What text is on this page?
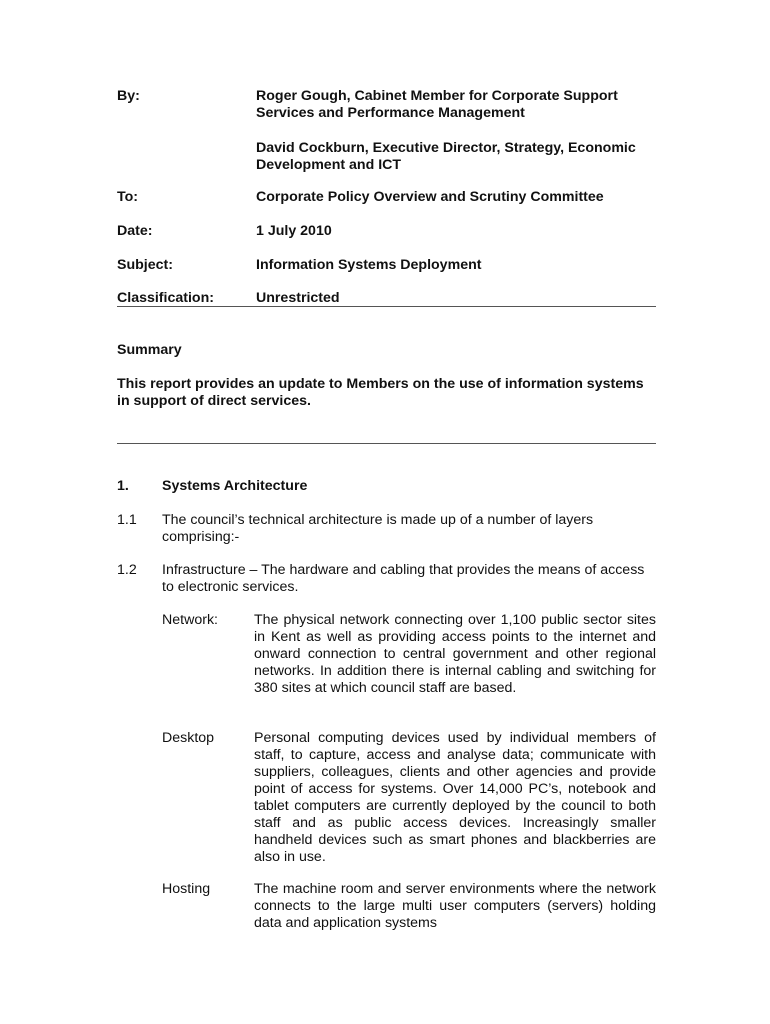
By:	Roger Gough, Cabinet Member for Corporate Support Services and Performance Management
David Cockburn, Executive Director, Strategy, Economic Development and ICT
To:	Corporate Policy Overview and Scrutiny Committee
Date:	1 July 2010
Subject:	Information Systems Deployment
Classification:	Unrestricted
Summary
This report provides an update to Members on the use of information systems in support of direct services.
1. Systems Architecture
1.1 The council’s technical architecture is made up of a number of layers comprising:-
1.2 Infrastructure – The hardware and cabling that provides the means of access to electronic services.
Network:	The physical network connecting over 1,100 public sector sites in Kent as well as providing access points to the internet and onward connection to central government and other regional networks. In addition there is internal cabling and switching for 380 sites at which council staff are based.
Desktop	Personal computing devices used by individual members of staff, to capture, access and analyse data; communicate with suppliers, colleagues, clients and other agencies and provide point of access for systems. Over 14,000 PC’s, notebook and tablet computers are currently deployed by the council to both staff and as public access devices. Increasingly smaller handheld devices such as smart phones and blackberries are also in use.
Hosting	The machine room and server environments where the network connects to the large multi user computers (servers) holding data and application systems
